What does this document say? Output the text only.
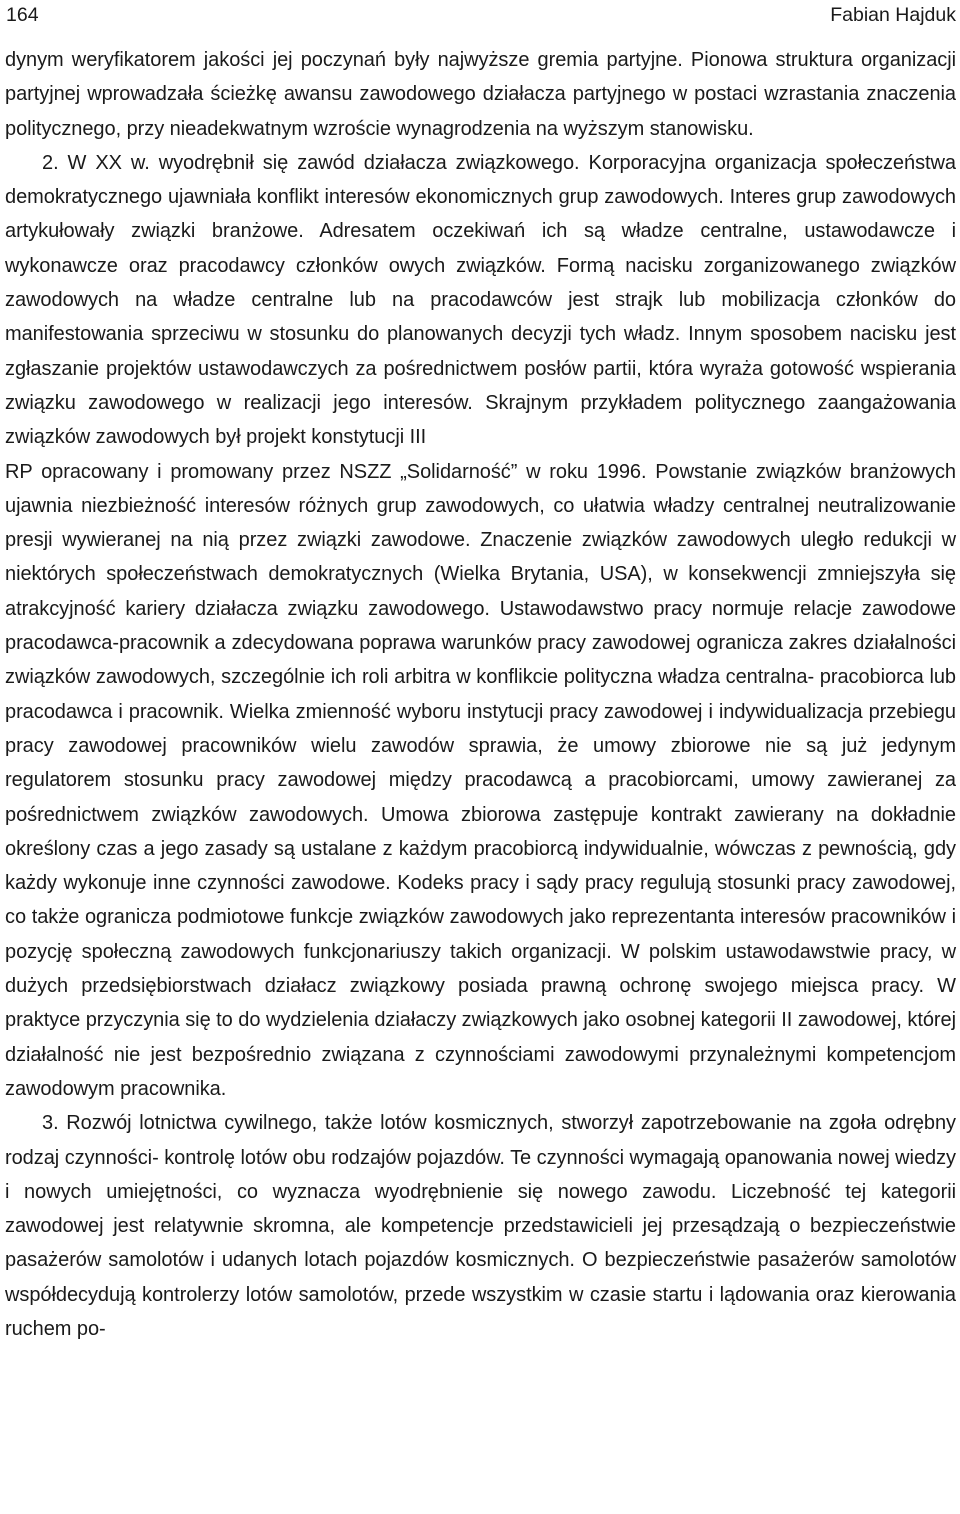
164	Fabian Hajduk

dynym weryfikatorem jakości jej poczynań były najwyższe gremia partyjne. Pionowa struktura organizacji partyjnej wprowadzała ścieżkę awansu zawodowego działacza partyjnego w postaci wzrastania znaczenia politycznego, przy nieadekwatnym wzroście wynagrodzenia na wyższym stanowisku.

2. W XX w. wyodrębnił się zawód działacza związkowego. Korporacyjna organizacja społeczeństwa demokratycznego ujawniała konflikt interesów ekonomicznych grup zawodowych. Interes grup zawodowych artykułowały związki branżowe. Adresatem oczekiwań ich są władze centralne, ustawodawcze i wykonawcze oraz pracodawcy członków owych związków. Formą nacisku zorganizowanego związków zawodowych na władze centralne lub na pracodawców jest strajk lub mobilizacja członków do manifestowania sprzeciwu w stosunku do planowanych decyzji tych władz. Innym sposobem nacisku jest zgłaszanie projektów ustawodawczych za pośrednictwem posłów partii, która wyraża gotowość wspierania związku zawodowego w realizacji jego interesów. Skrajnym przykładem politycznego zaangażowania związków zawodowych był projekt konstytucji III

RP opracowany i promowany przez NSZZ „Solidarność” w roku 1996. Powstanie związków branżowych ujawnia niezbieżność interesów różnych grup zawodowych, co ułatwia władzy centralnej neutralizowanie presji wywieranej na nią przez związki zawodowe. Znaczenie związków zawodowych uległo redukcji w niektórych społeczeństwach demokratycznych (Wielka Brytania, USA), w konsekwencji zmniejszyła się atrakcyjność kariery działacza związku zawodowego. Ustawodawstwo pracy normuje relacje zawodowe pracodawca-pracownik a zdecydowana poprawa warunków pracy zawodowej ogranicza zakres działalności związków zawodowych, szczególnie ich roli arbitra w konflikcie polityczna władza centralna- pracobiorca lub pracodawca i pracownik. Wielka zmienność wyboru instytucji pracy zawodowej i indywidualizacja przebiegu pracy zawodowej pracowników wielu zawodów sprawia, że umowy zbiorowe nie są już jedynym regulatorem stosunku pracy zawodowej między pracodawcą a pracobiorcami, umowy zawieranej za pośrednictwem związków zawodowych. Umowa zbiorowa zastępuje kontrakt zawierany na dokładnie określony czas a jego zasady są ustalane z każdym pracobiorcą indywidualnie, wówczas z pewnością, gdy każdy wykonuje inne czynności zawodowe. Kodeks pracy i sądy pracy regulują stosunki pracy zawodowej, co także ogranicza podmiotowe funkcje związków zawodowych jako reprezentanta interesów pracowników i pozycję społeczną zawodowych funkcjonariuszy takich organizacji. W polskim ustawodawstwie pracy, w dużych przedsiębiorstwach działacz związkowy posiada prawną ochronę swojego miejsca pracy. W praktyce przyczynia się to do wydzielenia działaczy związkowych jako osobnej kategorii II zawodowej, której działalność nie jest bezpośrednio związana z czynnościami zawodowymi przynależnymi kompetencjom zawodowym pracownika.

3. Rozwój lotnictwa cywilnego, także lotów kosmicznych, stworzył zapotrzebowanie na zgoła odrębny rodzaj czynności- kontrolę lotów obu rodzajów pojazdów. Te czynności wymagają opanowania nowej wiedzy i nowych umiejętności, co wyznacza wyodrębnienie się nowego zawodu. Liczebność tej kategorii zawodowej jest relatywnie skromna, ale kompetencje przedstawicieli jej przesądzają o bezpieczeństwie pasażerów samolotów i udanych lotach pojazdów kosmicznych. O bezpieczeństwie pasażerów samolotów współdecydują kontrolerzy lotów samolotów, przede wszystkim w czasie startu i lądowania oraz kierowania ruchem po-
